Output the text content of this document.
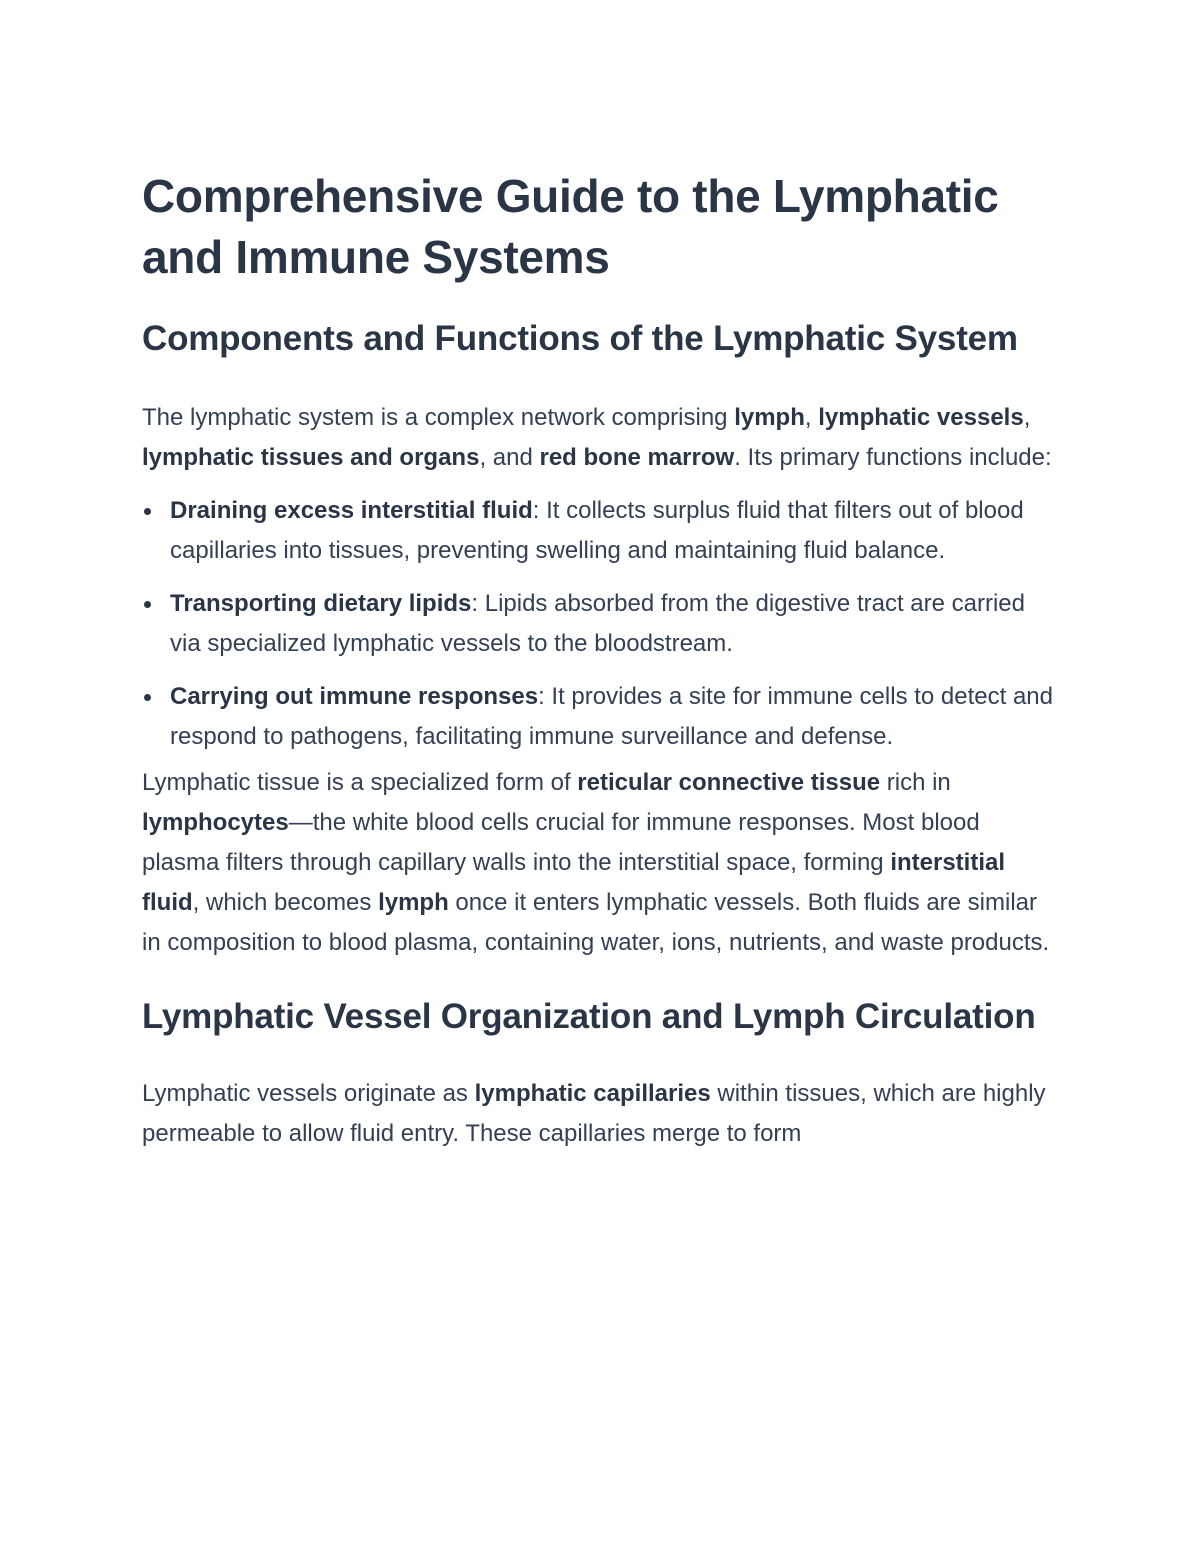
Comprehensive Guide to the Lymphatic and Immune Systems
Components and Functions of the Lymphatic System

The lymphatic system is a complex network comprising lymph, lymphatic vessels, lymphatic tissues and organs, and red bone marrow. Its primary functions include:

Draining excess interstitial fluid: It collects surplus fluid that filters out of blood capillaries into tissues, preventing swelling and maintaining fluid balance.
Transporting dietary lipids: Lipids absorbed from the digestive tract are carried via specialized lymphatic vessels to the bloodstream.
Carrying out immune responses: It provides a site for immune cells to detect and respond to pathogens, facilitating immune surveillance and defense.

Lymphatic tissue is a specialized form of reticular connective tissue rich in lymphocytes—the white blood cells crucial for immune responses. Most blood plasma filters through capillary walls into the interstitial space, forming interstitial fluid, which becomes lymph once it enters lymphatic vessels. Both fluids are similar in composition to blood plasma, containing water, ions, nutrients, and waste products.

Lymphatic Vessel Organization and Lymph Circulation

Lymphatic vessels originate as lymphatic capillaries within tissues, which are highly permeable to allow fluid entry. These capillaries merge to form
